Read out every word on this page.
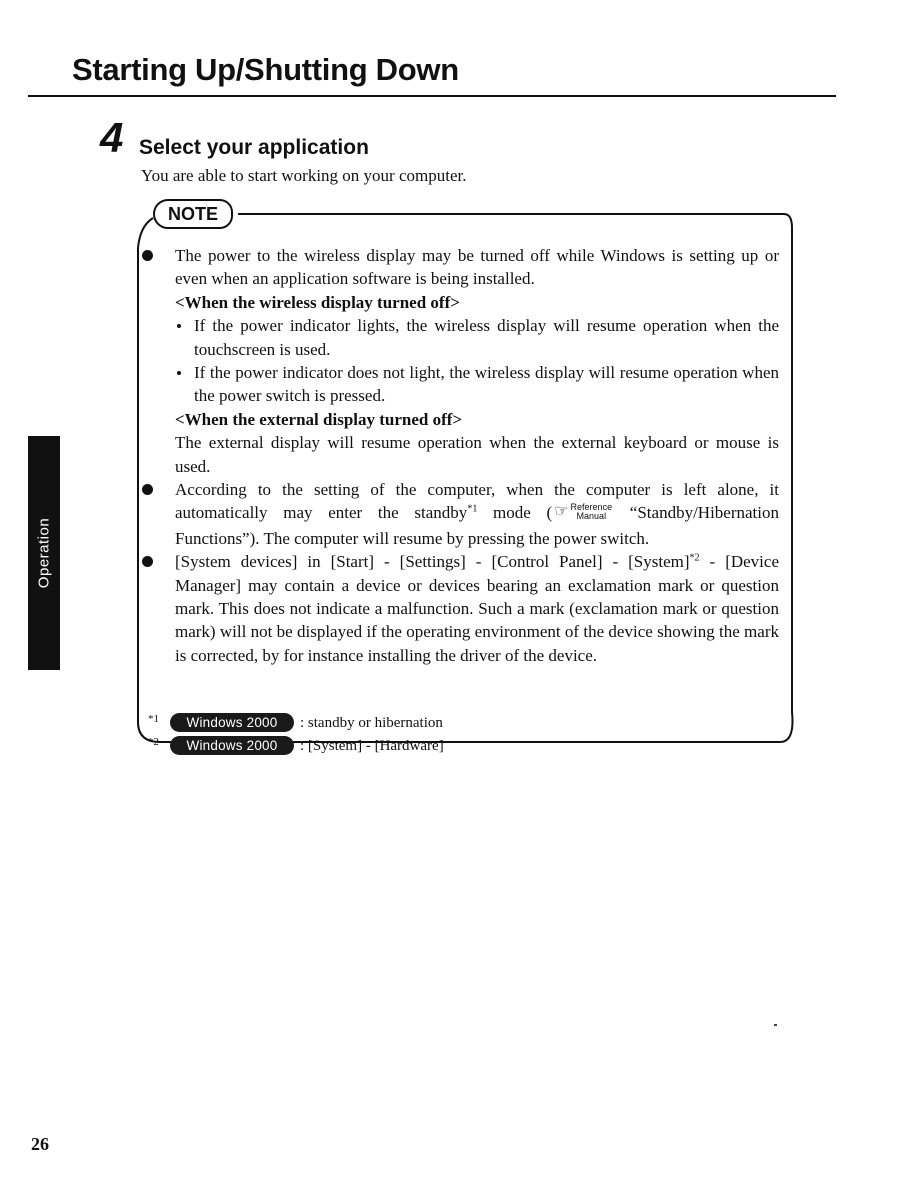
Starting Up/Shutting Down
4 Select your application
You are able to start working on your computer.
NOTE

The power to the wireless display may be turned off while Windows is setting up or even when an application software is being installed.

<When the wireless display turned off>

If the power indicator lights, the wireless display will resume operation when the touchscreen is used.

If the power indicator does not light, the wireless display will resume operation when the power switch is pressed.

<When the external display turned off>

The external display will resume operation when the external keyboard or mouse is used.

According to the setting of the computer, when the computer is left alone, it automatically may enter the standby$^{*1}$ mode ( ☞ Reference
Manual “Standby/Hibernation Functions”). The computer will resume by pressing the power switch.

[System devices] in [Start] - [Settings] - [Control Panel] - [System]$^{*2}$ - [Device Manager] may contain a device or devices bearing an exclamation mark or question mark. This does not indicate a malfunction. Such a mark (exclamation mark or question mark) will not be displayed if the operating environment of the device showing the mark is corrected, by for instance installing the driver of the device.

*1 Windows 2000 : standby or hibernation
*2 Windows 2000 : [System] - [Hardware]
Operation
26
